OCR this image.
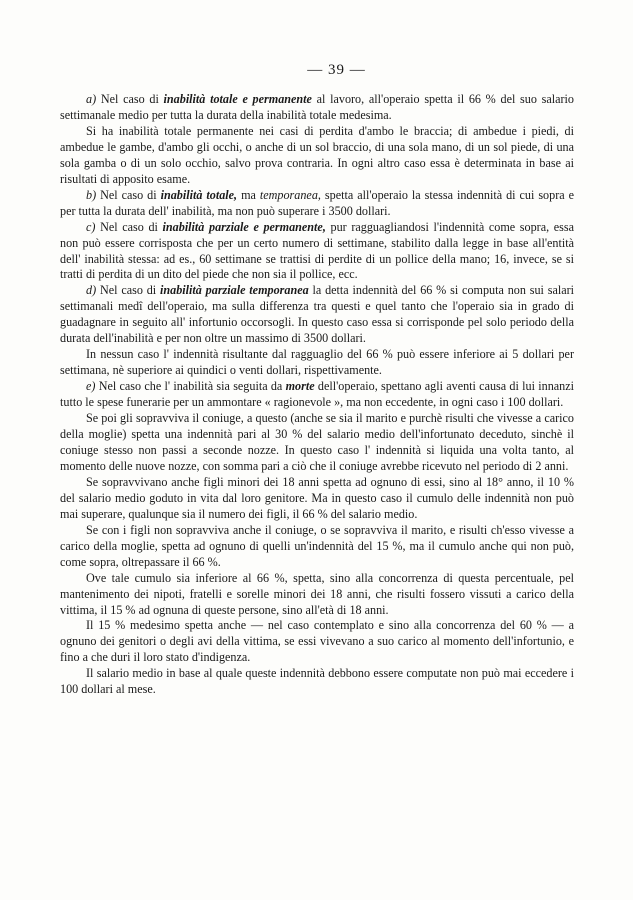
— 39 —

a) Nel caso di inabilità totale e permanente al lavoro, all'operaio spetta il 66 % del suo salario settimanale medio per tutta la durata della inabilità totale medesima.

Si ha inabilità totale permanente nei casi di perdita d'ambo le braccia; di ambedue i piedi, di ambedue le gambe, d'ambo gli occhi, o anche di un sol braccio, di una sola mano, di un sol piede, di una sola gamba o di un solo occhio, salvo prova contraria. In ogni altro caso essa è determinata in base ai risultati di apposito esame.

b) Nel caso di inabilità totale, ma temporanea, spetta all'operaio la stessa indennità di cui sopra e per tutta la durata dell' inabilità, ma non può superare i 3500 dollari.

c) Nel caso di inabilità parziale e permanente, pur ragguagliandosi l'indennità come sopra, essa non può essere corrisposta che per un certo numero di settimane, stabilito dalla legge in base all'entità dell' inabilità stessa: ad es., 60 settimane se trattisi di perdite di un pollice della mano; 16, invece, se si tratti di perdita di un dito del piede che non sia il pollice, ecc.

d) Nel caso di inabilità parziale temporanea la detta indennità del 66 % si computa non sui salari settimanali medî dell'operaio, ma sulla differenza tra questi e quel tanto che l'operaio sia in grado di guadagnare in seguito all' infortunio occorsogli. In questo caso essa si corrisponde pel solo periodo della durata dell'inabilità e per non oltre un massimo di 3500 dollari.

In nessun caso l' indennità risultante dal ragguaglio del 66 % può essere inferiore ai 5 dollari per settimana, nè superiore ai quindici o venti dollari, rispettivamente.

e) Nel caso che l' inabilità sia seguita da morte dell'operaio, spettano agli aventi causa di lui innanzi tutto le spese funerarie per un ammontare « ragionevole », ma non eccedente, in ogni caso i 100 dollari.

Se poi gli sopravviva il coniuge, a questo (anche se sia il marito e purchè risulti che vivesse a carico della moglie) spetta una indennità pari al 30 % del salario medio dell'infortunato deceduto, sinchè il coniuge stesso non passi a seconde nozze. In questo caso l' indennità si liquida una volta tanto, al momento delle nuove nozze, con somma pari a ciò che il coniuge avrebbe ricevuto nel periodo di 2 anni.

Se sopravvivano anche figli minori dei 18 anni spetta ad ognuno di essi, sino al 18° anno, il 10 % del salario medio goduto in vita dal loro genitore. Ma in questo caso il cumulo delle indennità non può mai superare, qualunque sia il numero dei figli, il 66 % del salario medio.

Se con i figli non sopravviva anche il coniuge, o se sopravviva il marito, e risulti ch'esso vivesse a carico della moglie, spetta ad ognuno di quelli un'indennità del 15 %, ma il cumulo anche qui non può, come sopra, oltrepassare il 66 %.

Ove tale cumulo sia inferiore al 66 %, spetta, sino alla concorrenza di questa percentuale, pel mantenimento dei nipoti, fratelli e sorelle minori dei 18 anni, che risulti fossero vissuti a carico della vittima, il 15 % ad ognuna di queste persone, sino all'età di 18 anni.

Il 15 % medesimo spetta anche — nel caso contemplato e sino alla concorrenza del 60 % — a ognuno dei genitori o degli avi della vittima, se essi vivevano a suo carico al momento dell'infortunio, e fino a che duri il loro stato d'indigenza.

Il salario medio in base al quale queste indennità debbono essere computate non può mai eccedere i 100 dollari al mese.
